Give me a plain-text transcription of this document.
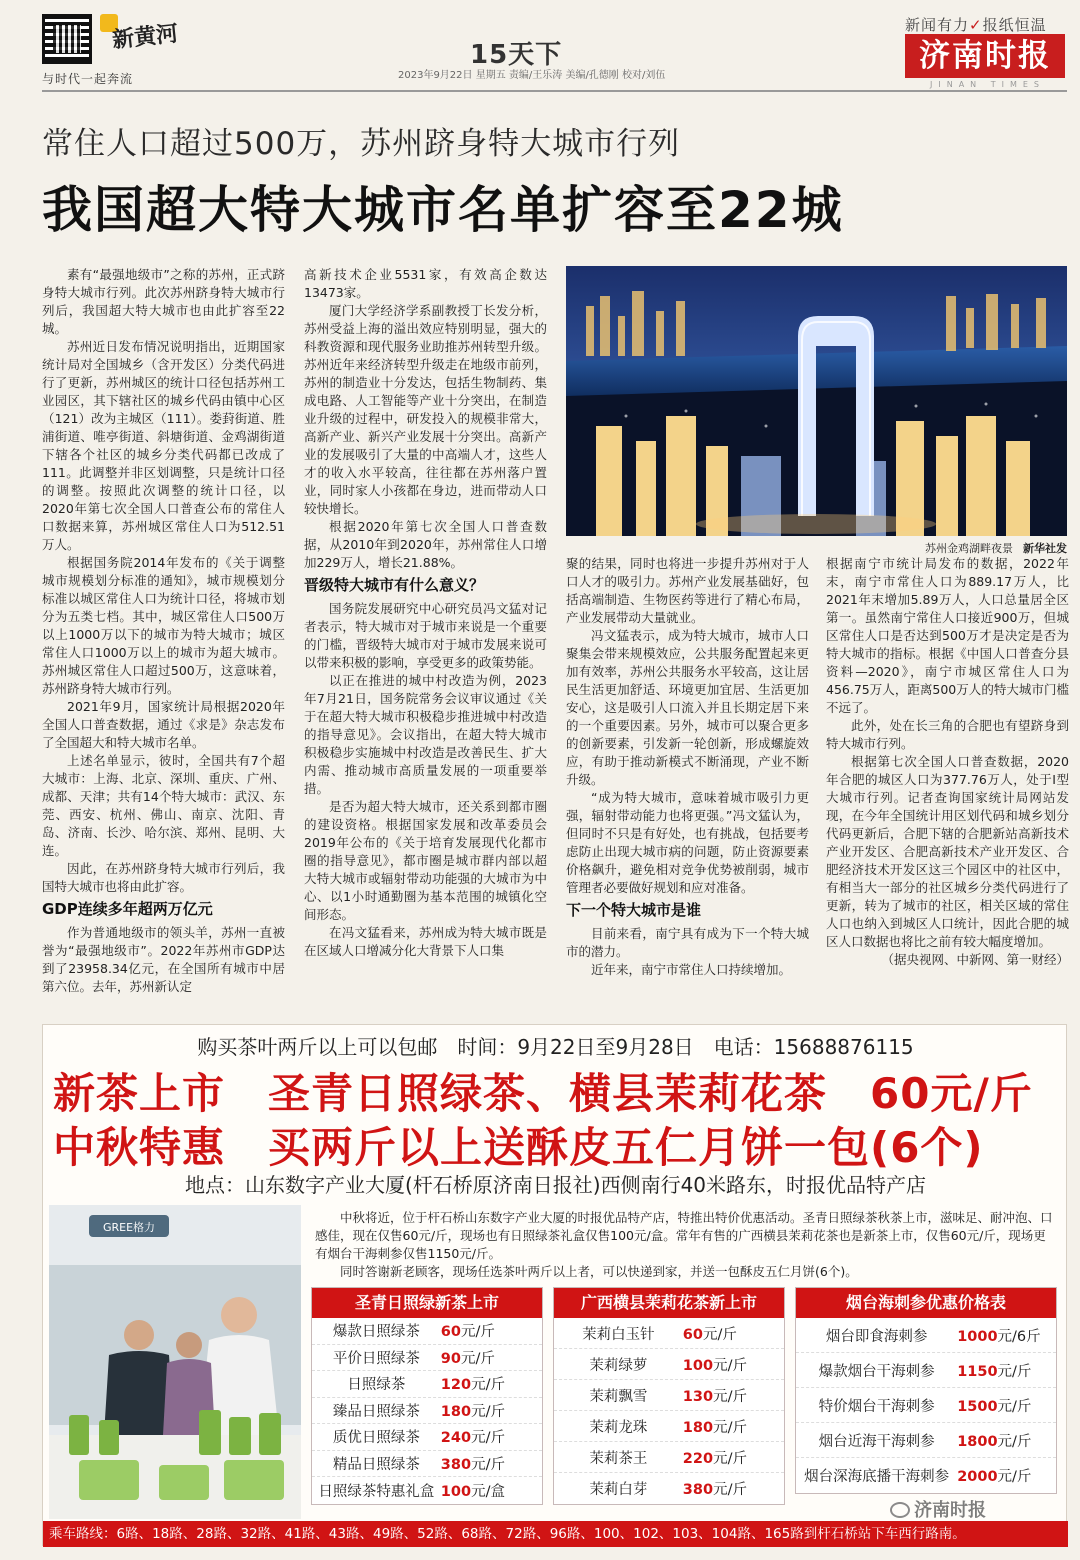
新黄河
与时代一起奔流
15天下
2023年9月22日 星期五 责编/王乐涛 美编/孔德刚 校对/刘伍
新闻有力✓报纸恒温
济南时报
JINAN TIMES
常住人口超过500万，苏州跻身特大城市行列
我国超大特大城市名单扩容至22城

素有“最强地级市”之称的苏州，正式跻身特大城市行列。此次苏州跻身特大城市行列后，我国超大特大城市也由此扩容至22城。

苏州近日发布情况说明指出，近期国家统计局对全国城乡（含开发区）分类代码进行了更新，苏州城区的统计口径包括苏州工业园区，其下辖社区的城乡代码由镇中心区（121）改为主城区（111）。娄葑街道、胜浦街道、唯亭街道、斜塘街道、金鸡湖街道下辖各个社区的城乡分类代码都已改成了111。此调整并非区划调整，只是统计口径的调整。按照此次调整的统计口径，以2020年第七次全国人口普查公布的常住人口数据来算，苏州城区常住人口为512.51万人。

根据国务院2014年发布的《关于调整城市规模划分标准的通知》，城市规模划分标准以城区常住人口为统计口径，将城市划分为五类七档。其中，城区常住人口500万以上1000万以下的城市为特大城市；城区常住人口1000万以上的城市为超大城市。苏州城区常住人口超过500万，这意味着，苏州跻身特大城市行列。

2021年9月，国家统计局根据2020年全国人口普查数据，通过《求是》杂志发布了全国超大和特大城市名单。

上述名单显示，彼时，全国共有7个超大城市：上海、北京、深圳、重庆、广州、成都、天津；共有14个特大城市：武汉、东莞、西安、杭州、佛山、南京、沈阳、青岛、济南、长沙、哈尔滨、郑州、昆明、大连。

因此，在苏州跻身特大城市行列后，我国特大城市也将由此扩容。

GDP连续多年超两万亿元

作为普通地级市的领头羊，苏州一直被誉为“最强地级市”。2022年苏州市GDP达到了23958.34亿元，在全国所有城市中居第六位。去年，苏州新认定

高新技术企业5531家，有效高企数达13473家。

厦门大学经济学系副教授丁长发分析，苏州受益上海的溢出效应特别明显，强大的科教资源和现代服务业助推苏州转型升级。苏州近年来经济转型升级走在地级市前列，苏州的制造业十分发达，包括生物制药、集成电路、人工智能等产业十分突出，在制造业升级的过程中，研发投入的规模非常大，高新产业、新兴产业发展十分突出。高新产业的发展吸引了大量的中高端人才，这些人才的收入水平较高，往往都在苏州落户置业，同时家人小孩都在身边，进而带动人口较快增长。

根据2020年第七次全国人口普查数据，从2010年到2020年，苏州常住人口增加229万人，增长21.88%。

晋级特大城市有什么意义？

国务院发展研究中心研究员冯文猛对记者表示，特大城市对于城市来说是一个重要的门槛，晋级特大城市对于城市发展来说可以带来积极的影响，享受更多的政策势能。

以正在推进的城中村改造为例，2023年7月21日，国务院常务会议审议通过《关于在超大特大城市积极稳步推进城中村改造的指导意见》。会议指出，在超大特大城市积极稳步实施城中村改造是改善民生、扩大内需、推动城市高质量发展的一项重要举措。

是否为超大特大城市，还关系到都市圈的建设资格。根据国家发展和改革委员会2019年公布的《关于培育发展现代化都市圈的指导意见》，都市圈是城市群内部以超大特大城市或辐射带动功能强的大城市为中心、以1小时通勤圈为基本范围的城镇化空间形态。

在冯文猛看来，苏州成为特大城市既是在区域人口增减分化大背景下人口集

苏州金鸡湖畔夜景 新华社发

聚的结果，同时也将进一步提升苏州对于人口人才的吸引力。苏州产业发展基础好，包括高端制造、生物医药等进行了精心布局，产业发展带动大量就业。

冯文猛表示，成为特大城市，城市人口聚集会带来规模效应，公共服务配置起来更加有效率，苏州公共服务水平较高，这让居民生活更加舒适、环境更加宜居、生活更加安心，这是吸引人口流入并且长期定居下来的一个重要因素。另外，城市可以聚合更多的创新要素，引发新一轮创新，形成螺旋效应，有助于推动新模式不断涌现，产业不断升级。

“成为特大城市，意味着城市吸引力更强，辐射带动能力也将更强。”冯文猛认为，但同时不只是有好处，也有挑战，包括要考虑防止出现大城市病的问题，防止资源要素价格飙升，避免相对竞争优势被削弱，城市管理者必要做好规划和应对准备。

下一个特大城市是谁

目前来看，南宁具有成为下一个特大城市的潜力。

近年来，南宁市常住人口持续增加。

根据南宁市统计局发布的数据，2022年末，南宁市常住人口为889.17万人，比2021年末增加5.89万人，人口总量居全区第一。虽然南宁常住人口接近900万，但城区常住人口是否达到500万才是决定是否为特大城市的指标。根据《中国人口普查分县资料—2020》，南宁市城区常住人口为456.75万人，距离500万人的特大城市门槛不远了。

此外，处在长三角的合肥也有望跻身到特大城市行列。

根据第七次全国人口普查数据，2020年合肥的城区人口为377.76万人，处于Ⅰ型大城市行列。记者查询国家统计局网站发现，在今年全国统计用区划代码和城乡划分代码更新后，合肥下辖的合肥新站高新技术产业开发区、合肥高新技术产业开发区、合肥经济技术开发区这三个园区中的社区中，有相当大一部分的社区城乡分类代码进行了更新，转为了城市的社区，相关区域的常住人口也纳入到城区人口统计，因此合肥的城区人口数据也将比之前有较大幅度增加。

（据央视网、中新网、第一财经）

购买茶叶两斤以上可以包邮　时间：9月22日至9月28日　电话：15688876115
新茶上市　圣青日照绿茶、横县茉莉花茶　60元/斤
中秋特惠　买两斤以上送酥皮五仁月饼一包(6个)
地点：山东数字产业大厦(杆石桥原济南日报社)西侧南行40米路东，时报优品特产店
GREE格力

中秋将近，位于杆石桥山东数字产业大厦的时报优品特产店，特推出特价优惠活动。圣青日照绿茶秋茶上市，滋味足、耐冲泡、口感佳，现在仅售60元/斤，现场也有日照绿茶礼盒仅售100元/盒。常年有售的广西横县茉莉花茶也是新茶上市，仅售60元/斤，现场更有烟台干海刺参仅售1150元/斤。

同时答谢新老顾客，现场任选茶叶两斤以上者，可以快递到家，并送一包酥皮五仁月饼(6个)。

圣青日照绿新茶上市
爆款日照绿茶	60元/斤
平价日照绿茶	90元/斤
日照绿茶	120元/斤
臻品日照绿茶	180元/斤
质优日照绿茶	240元/斤
精品日照绿茶	380元/斤
日照绿茶特惠礼盒 100元/盒
广西横县茉莉花茶新上市
茉莉白玉针	60元/斤
茉莉绿萝	100元/斤
茉莉飘雪	130元/斤
茉莉龙珠	180元/斤
茉莉茶王	220元/斤
茉莉白芽	380元/斤
烟台海刺参优惠价格表
烟台即食海刺参	1000元/6斤
爆款烟台干海刺参	1150元/斤
特价烟台干海刺参	1500元/斤
烟台近海干海刺参	1800元/斤
烟台深海底播干海刺参 2000元/斤
乘车路线：6路、18路、28路、32路、41路、43路、49路、52路、68路、72路、96路、100、102、103、104路、165路到杆石桥站下车西行路南。
济南时报
